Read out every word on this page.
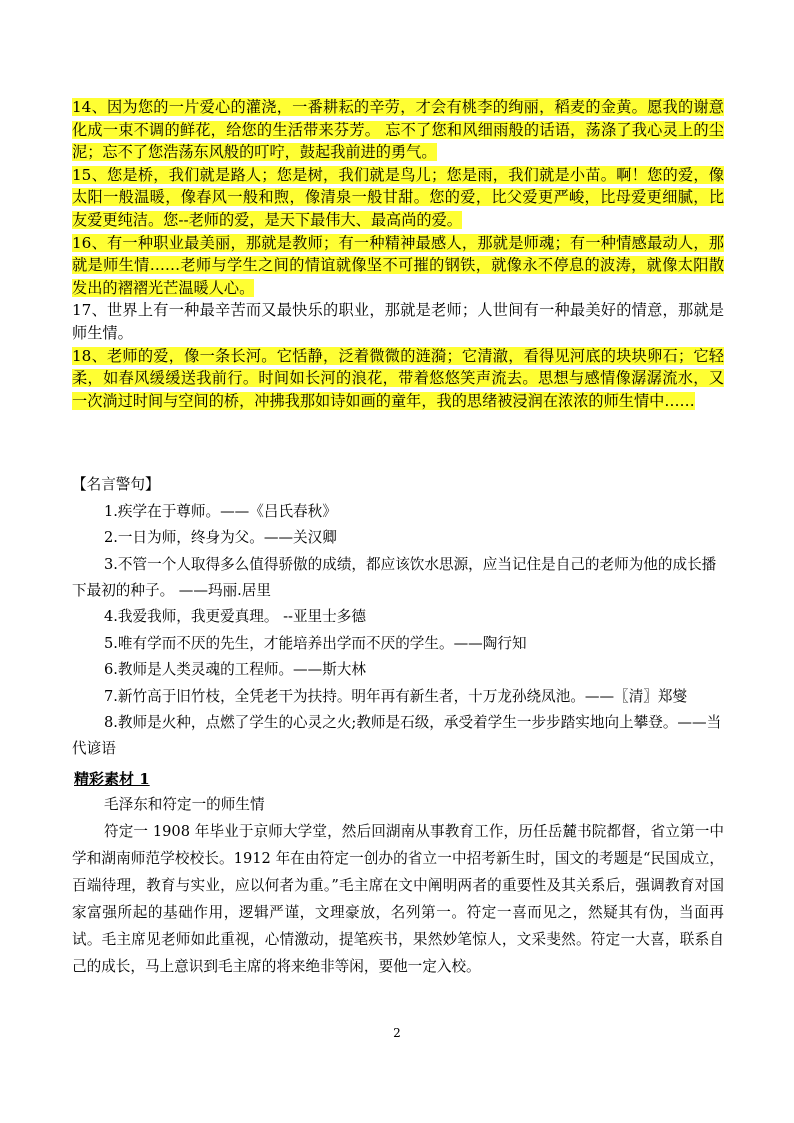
14、因为您的一片爱心的灌浇，一番耕耘的辛劳，才会有桃李的绚丽，稻麦的金黄。愿我的谢意化成一束不调的鲜花，给您的生活带来芬芳。 忘不了您和风细雨般的话语，荡涤了我心灵上的尘泥；忘不了您浩荡东风般的叮咛，鼓起我前进的勇气。

15、您是桥，我们就是路人；您是树，我们就是鸟儿；您是雨，我们就是小苗。啊！您的爱，像太阳一般温暖，像春风一般和煦，像清泉一般甘甜。您的爱，比父爱更严峻，比母爱更细腻，比友爱更纯洁。您--老师的爱，是天下最伟大、最高尚的爱。

16、有一种职业最美丽，那就是教师；有一种精神最感人，那就是师魂；有一种情感最动人，那就是师生情……老师与学生之间的情谊就像坚不可摧的钢铁，就像永不停息的波涛，就像太阳散发出的褶褶光芒温暖人心。

17、世界上有一种最辛苦而又最快乐的职业，那就是老师；人世间有一种最美好的情意，那就是师生情。

18、老师的爱，像一条长河。它恬静，泛着微微的涟漪；它清澈，看得见河底的块块卵石；它轻柔，如春风缓缓送我前行。时间如长河的浪花，带着悠悠笑声流去。思想与感情像潺潺流水，又一次淌过时间与空间的桥，冲拂我那如诗如画的童年，我的思绪被浸润在浓浓的师生情中……

【名言警句】

1.疾学在于尊师。——《吕氏春秋》

2.一日为师，终身为父。——关汉卿

3.不管一个人取得多么值得骄傲的成绩，都应该饮水思源，应当记住是自己的老师为他的成长播下最初的种子。 ——玛丽.居里

4.我爱我师，我更爱真理。 --亚里士多德

5.唯有学而不厌的先生，才能培养出学而不厌的学生。——陶行知

6.教师是人类灵魂的工程师。——斯大林

7.新竹高于旧竹枝，全凭老干为扶持。明年再有新生者，十万龙孙绕凤池。——〖清〗郑燮

8.教师是火种，点燃了学生的心灵之火;教师是石级，承受着学生一步步踏实地向上攀登。——当代谚语

精彩素材 1

毛泽东和符定一的师生情

符定一 1908 年毕业于京师大学堂，然后回湖南从事教育工作，历任岳麓书院都督，省立第一中学和湖南师范学校校长。1912 年在由符定一创办的省立一中招考新生时，国文的考题是“民国成立，百端待理，教育与实业，应以何者为重。”毛主席在文中阐明两者的重要性及其关系后，强调教育对国家富强所起的基础作用，逻辑严谨，文理豪放，名列第一。符定一喜而见之，然疑其有伪，当面再试。毛主席见老师如此重视，心情激动，提笔疾书，果然妙笔惊人，文采斐然。符定一大喜，联系自己的成长，马上意识到毛主席的将来绝非等闲，要他一定入校。

2
